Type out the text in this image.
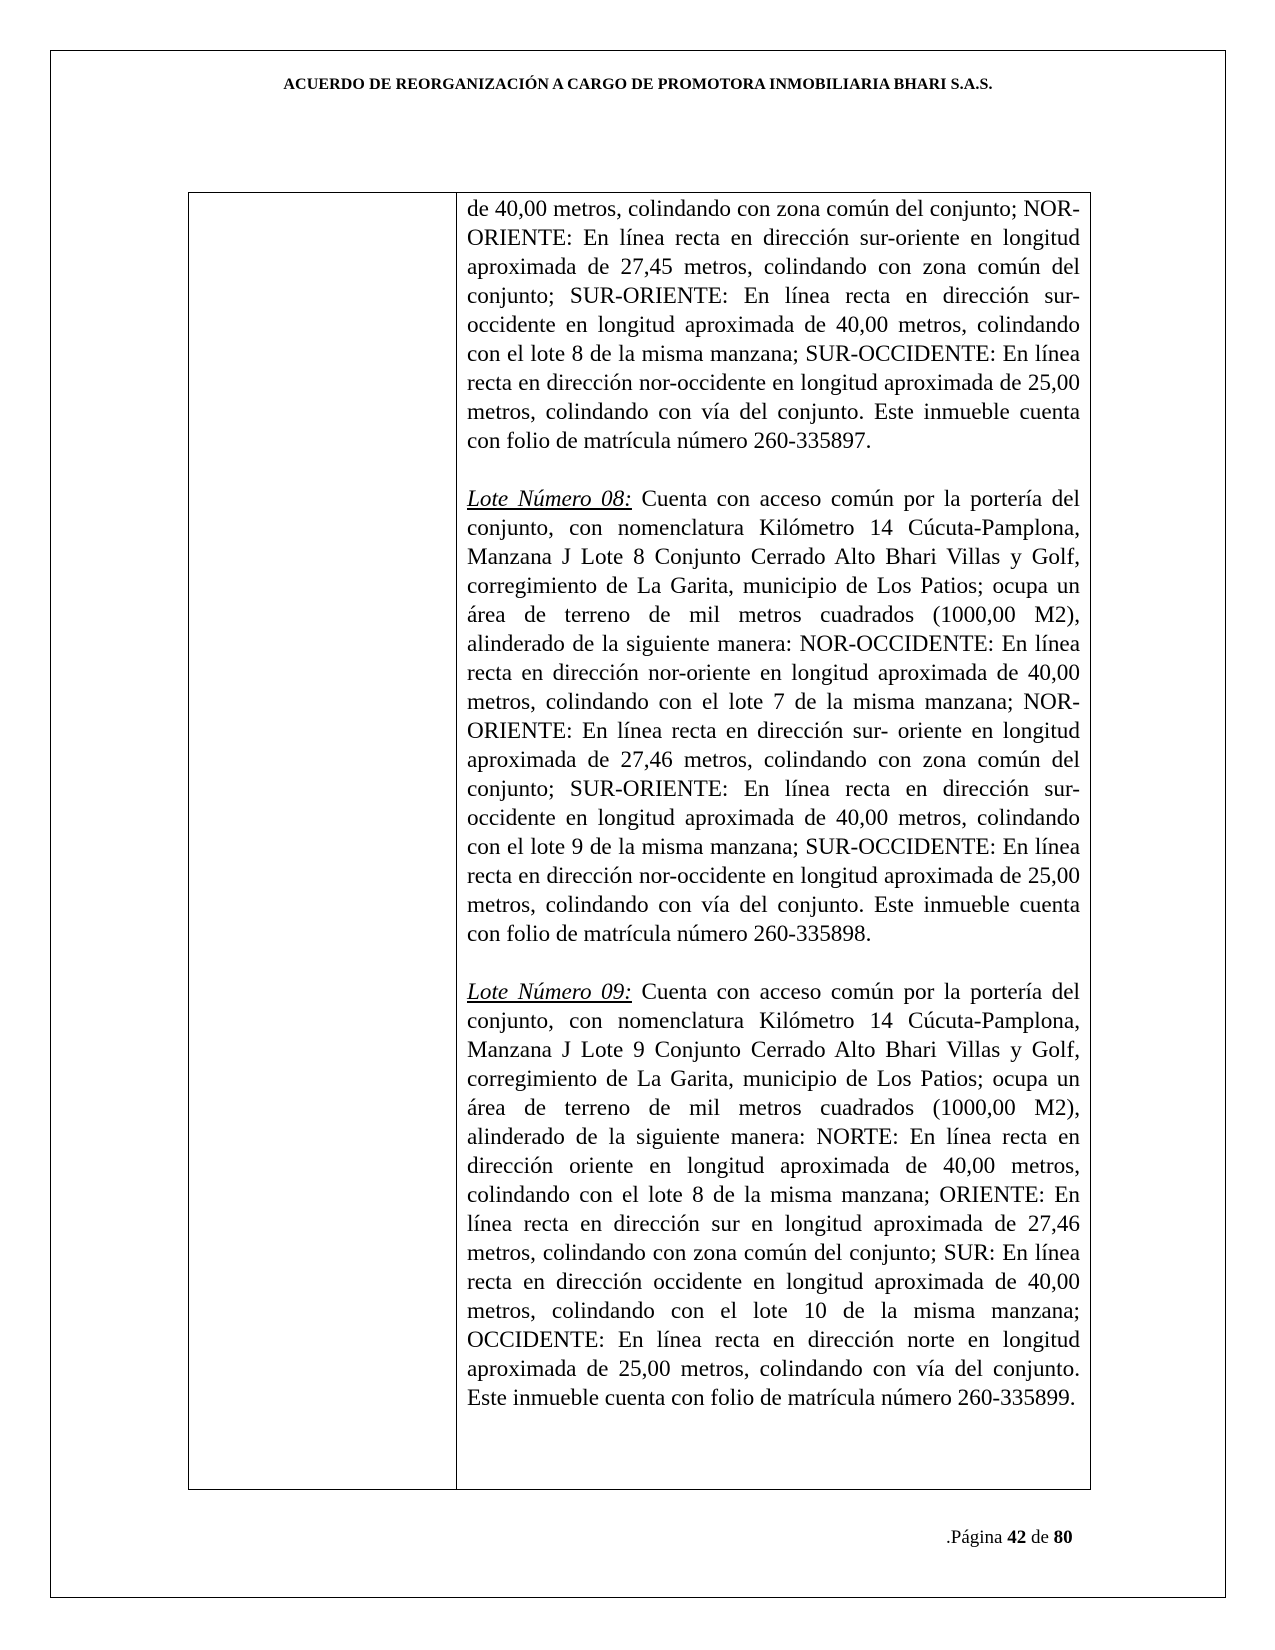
ACUERDO DE REORGANIZACIÓN A CARGO DE PROMOTORA INMOBILIARIA BHARI S.A.S.

de 40,00 metros, colindando con zona común del conjunto; NOR-ORIENTE: En línea recta en dirección sur-oriente en longitud aproximada de 27,45 metros, colindando con zona común del conjunto; SUR-ORIENTE: En línea recta en dirección sur-occidente en longitud aproximada de 40,00 metros, colindando con el lote 8 de la misma manzana; SUR-OCCIDENTE: En línea recta en dirección nor-occidente en longitud aproximada de 25,00 metros, colindando con vía del conjunto. Este inmueble cuenta con folio de matrícula número 260-335897.

Lote Número 08: Cuenta con acceso común por la portería del conjunto, con nomenclatura Kilómetro 14 Cúcuta-Pamplona, Manzana J Lote 8 Conjunto Cerrado Alto Bhari Villas y Golf, corregimiento de La Garita, municipio de Los Patios; ocupa un área de terreno de mil metros cuadrados (1000,00 M2), alinderado de la siguiente manera: NOR-OCCIDENTE: En línea recta en dirección nor-oriente en longitud aproximada de 40,00 metros, colindando con el lote 7 de la misma manzana; NOR-ORIENTE: En línea recta en dirección sur- oriente en longitud aproximada de 27,46 metros, colindando con zona común del conjunto; SUR-ORIENTE: En línea recta en dirección sur-occidente en longitud aproximada de 40,00 metros, colindando con el lote 9 de la misma manzana; SUR-OCCIDENTE: En línea recta en dirección nor-occidente en longitud aproximada de 25,00 metros, colindando con vía del conjunto. Este inmueble cuenta con folio de matrícula número 260-335898.

Lote Número 09: Cuenta con acceso común por la portería del conjunto, con nomenclatura Kilómetro 14 Cúcuta-Pamplona, Manzana J Lote 9 Conjunto Cerrado Alto Bhari Villas y Golf, corregimiento de La Garita, municipio de Los Patios; ocupa un área de terreno de mil metros cuadrados (1000,00 M2), alinderado de la siguiente manera: NORTE: En línea recta en dirección oriente en longitud aproximada de 40,00 metros, colindando con el lote 8 de la misma manzana; ORIENTE: En línea recta en dirección sur en longitud aproximada de 27,46 metros, colindando con zona común del conjunto; SUR: En línea recta en dirección occidente en longitud aproximada de 40,00 metros, colindando con el lote 10 de la misma manzana; OCCIDENTE: En línea recta en dirección norte en longitud aproximada de 25,00 metros, colindando con vía del conjunto. Este inmueble cuenta con folio de matrícula número 260-335899.

.Página 42 de 80
